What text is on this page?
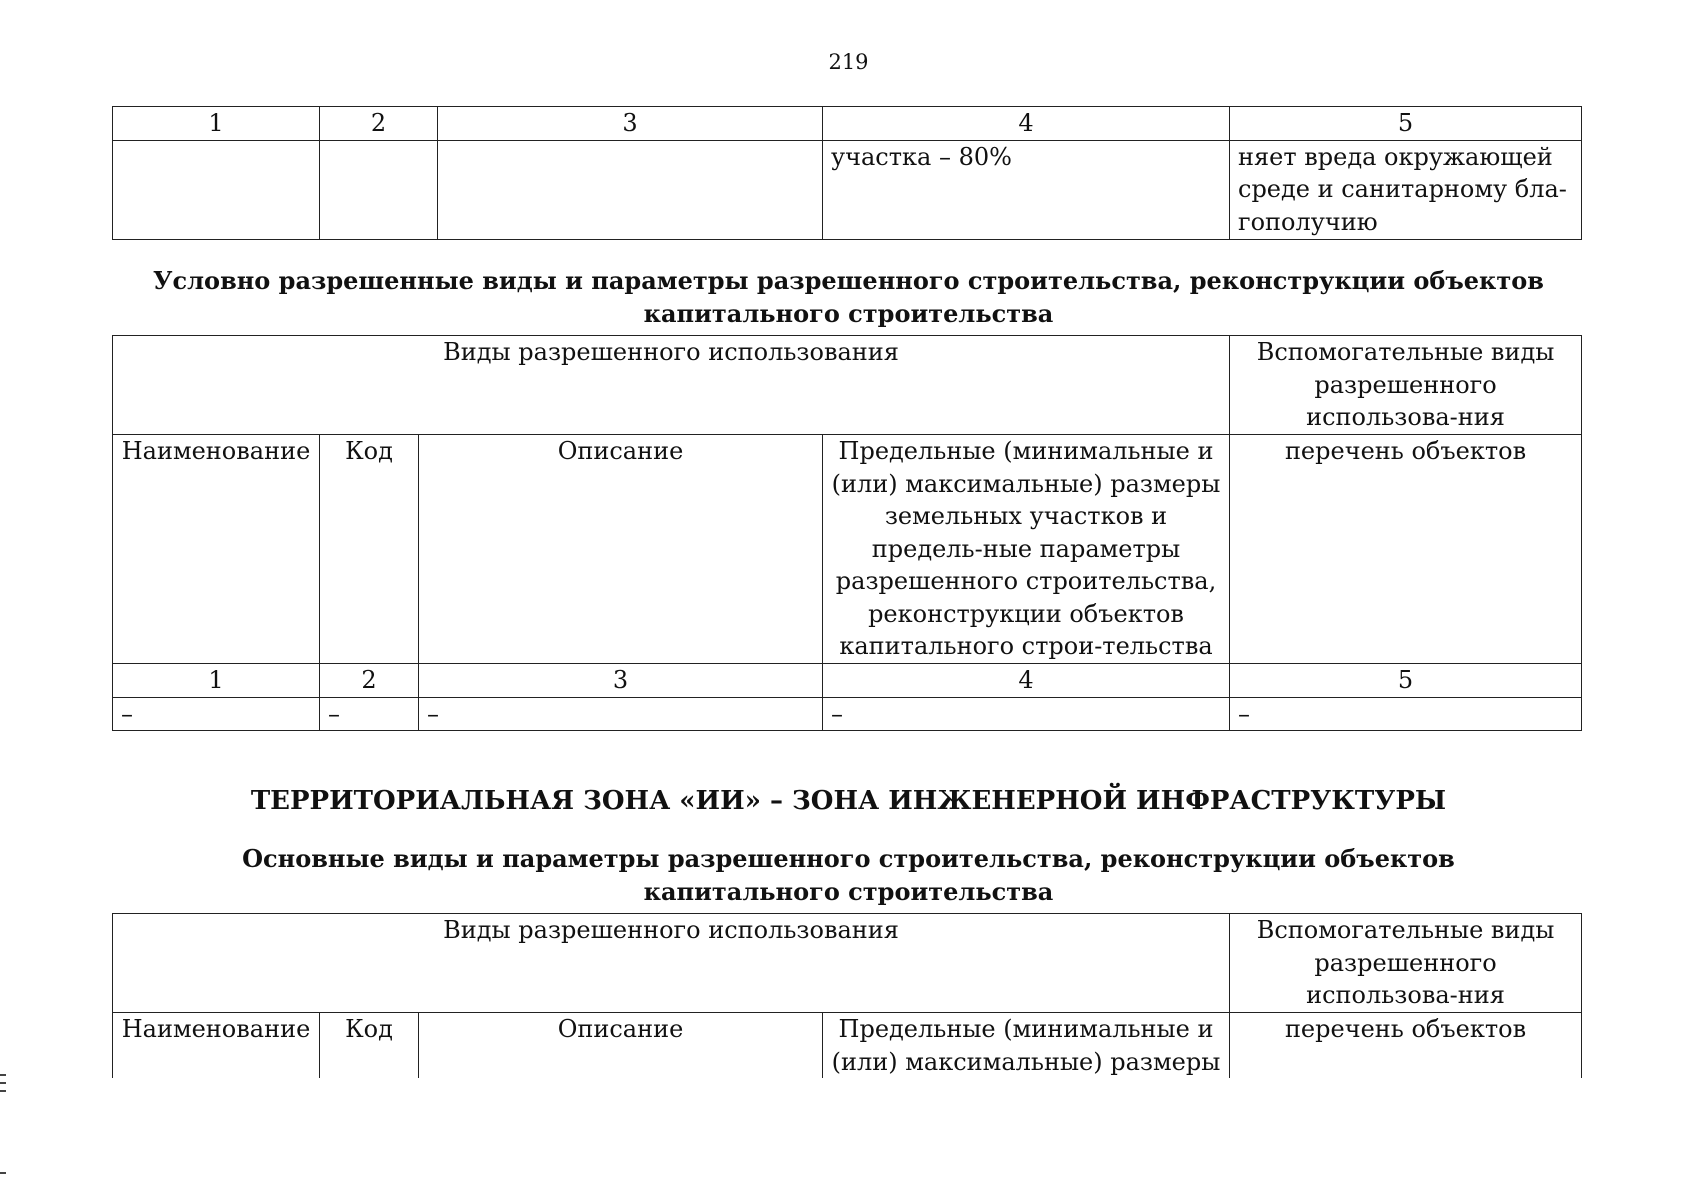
219
1	2	3	4	5
			участка – 80%	няет вреда окружающей среде и санитарному бла-гополучию
Условно разрешенные виды и параметры разрешенного строительства, реконструкции объектов капитального строительства
Виды разрешенного использования				Вспомогательные виды разрешенного использова-ния
Наименование	Код	Описание	Предельные (минимальные и (или) максимальные) размеры земельных участков и предель-ные параметры разрешенного строительства, реконструкции объектов капитального строи-тельства	перечень объектов
1	2	3	4	5
–	–	–	–	–
ТЕРРИТОРИАЛЬНАЯ ЗОНА «ИИ» – ЗОНА ИНЖЕНЕРНОЙ ИНФРАСТРУКТУРЫ
Основные виды и параметры разрешенного строительства, реконструкции объектов капитального строительства
Виды разрешенного использования				Вспомогательные виды разрешенного использова-ния
Наименование	Код	Описание	Предельные (минимальные и (или) максимальные) размеры	перечень объектов
